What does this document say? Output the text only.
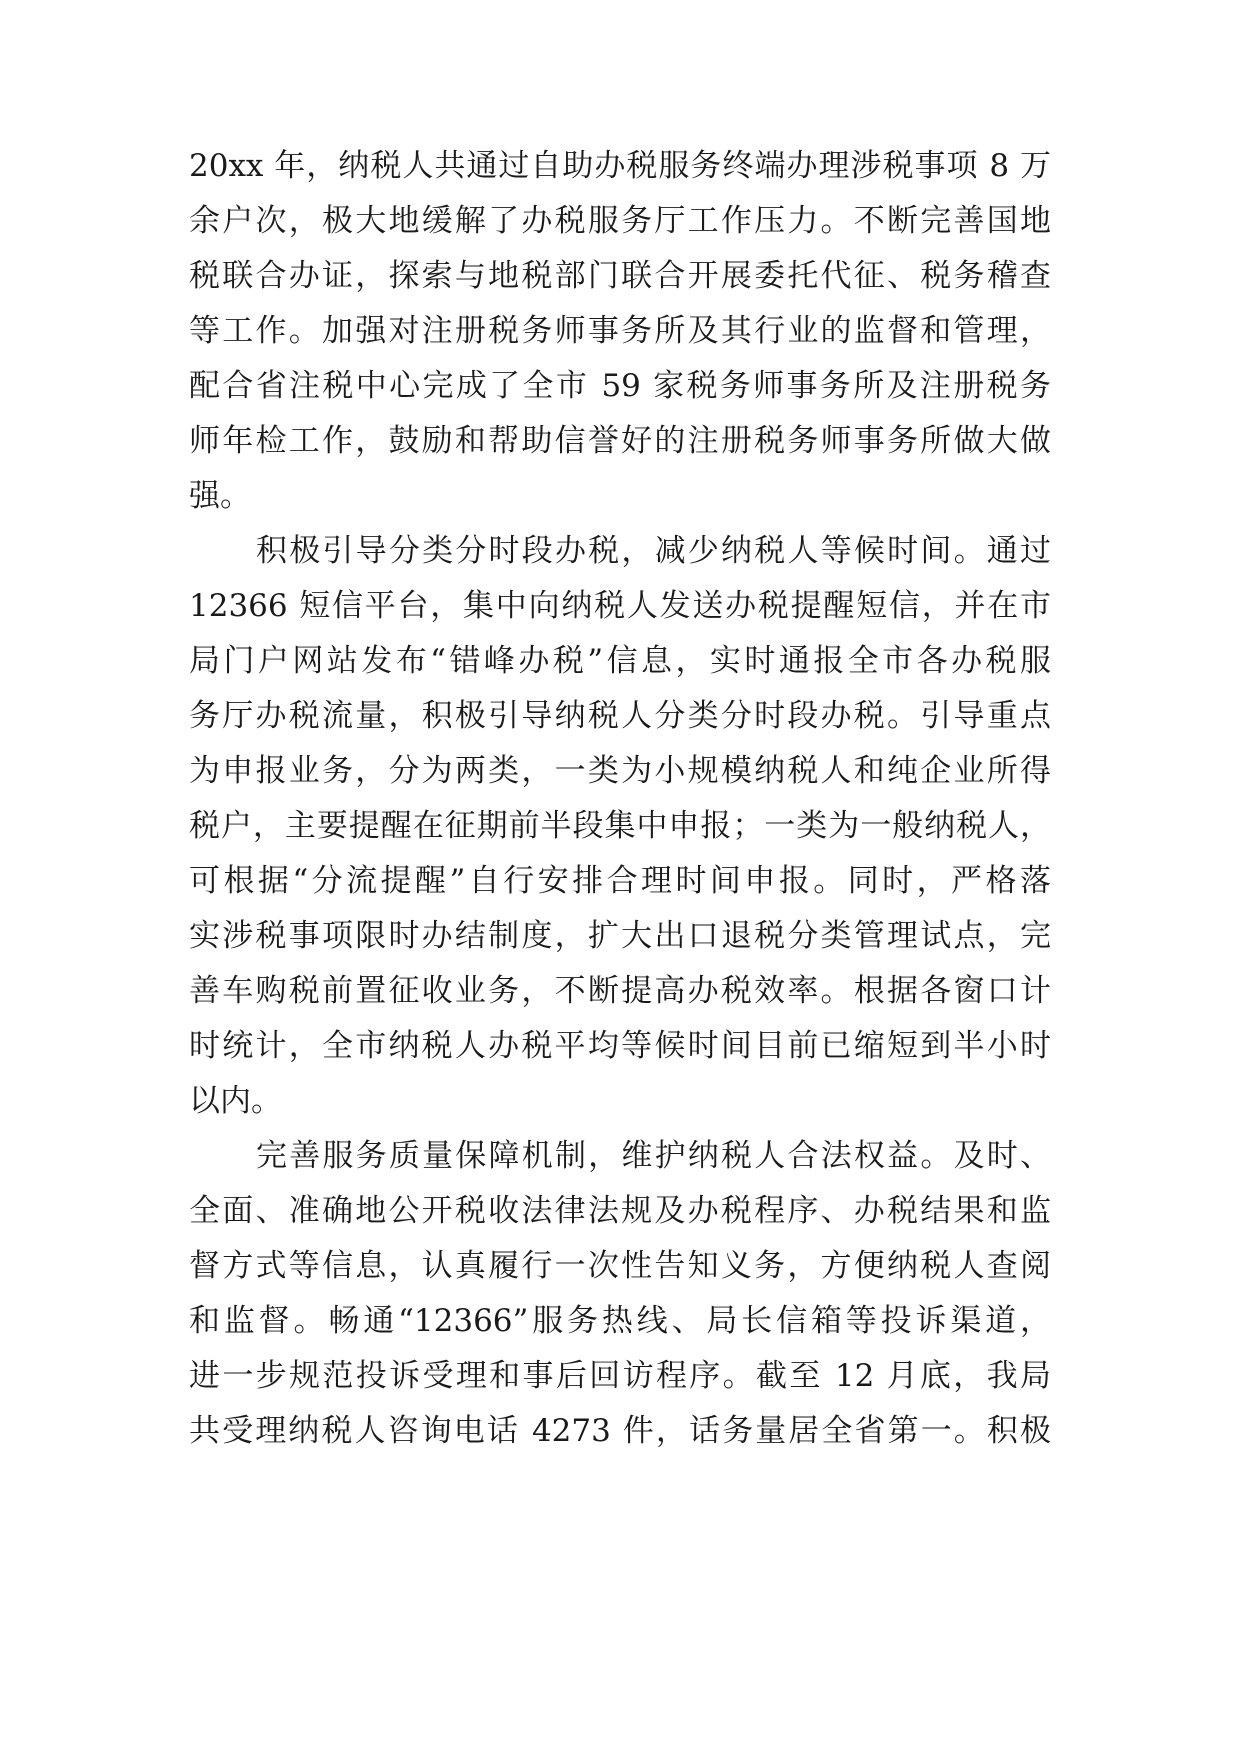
20xx 年，纳税人共通过自助办税服务终端办理涉税事项 8 万
余户次，极大地缓解了办税服务厅工作压力。不断完善国地
税联合办证，探索与地税部门联合开展委托代征、税务稽查
等工作。加强对注册税务师事务所及其行业的监督和管理，
配合省注税中心完成了全市 59 家税务师事务所及注册税务
师年检工作，鼓励和帮助信誉好的注册税务师事务所做大做
强。
积极引导分类分时段办税，减少纳税人等候时间。通过
12366 短信平台，集中向纳税人发送办税提醒短信，并在市
局门户网站发布“错峰办税”信息，实时通报全市各办税服
务厅办税流量，积极引导纳税人分类分时段办税。引导重点
为申报业务，分为两类，一类为小规模纳税人和纯企业所得
税户，主要提醒在征期前半段集中申报；一类为一般纳税人，
可根据“分流提醒”自行安排合理时间申报。同时，严格落
实涉税事项限时办结制度，扩大出口退税分类管理试点，完
善车购税前置征收业务，不断提高办税效率。根据各窗口计
时统计，全市纳税人办税平均等候时间目前已缩短到半小时
以内。
完善服务质量保障机制，维护纳税人合法权益。及时、
全面、准确地公开税收法律法规及办税程序、办税结果和监
督方式等信息，认真履行一次性告知义务，方便纳税人查阅
和监督。畅通“12366”服务热线、局长信箱等投诉渠道，
进一步规范投诉受理和事后回访程序。截至 12 月底，我局
共受理纳税人咨询电话 4273 件，话务量居全省第一。积极
